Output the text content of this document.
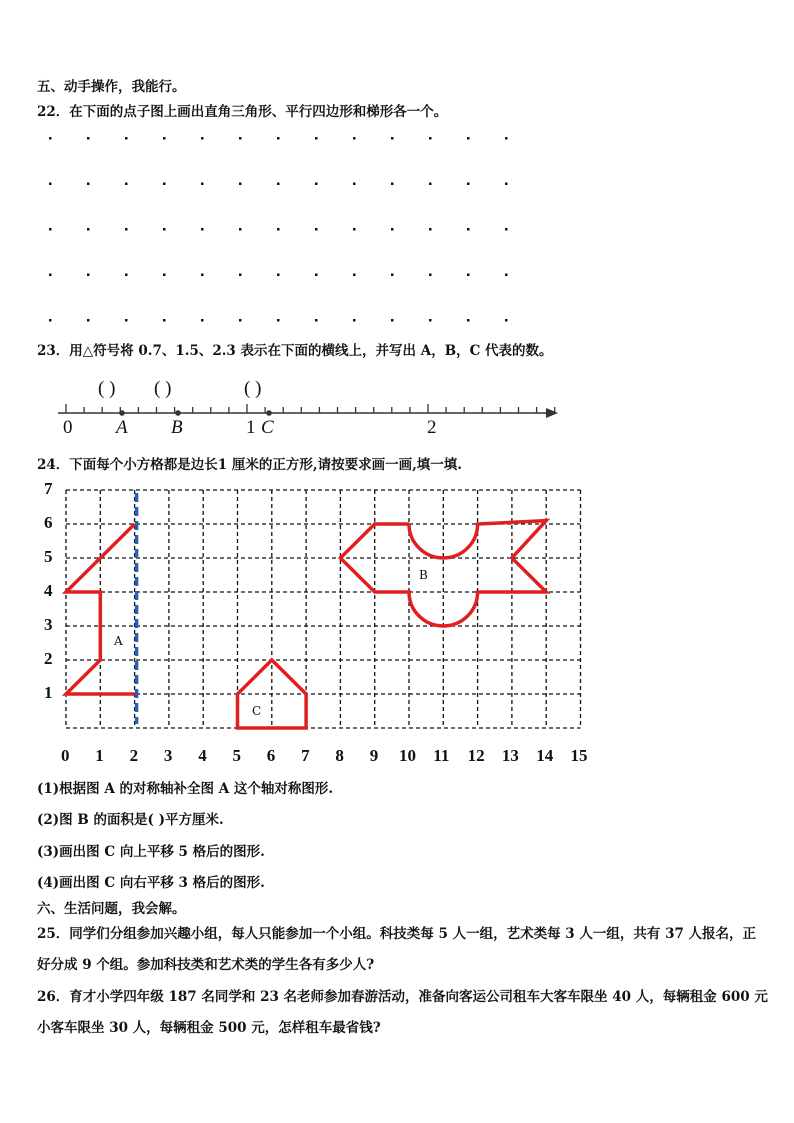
五、动手操作，我能行。
22．在下面的点子图上画出直角三角形、平行四边形和梯形各一个。
23．用△符号将 0.7、1.5、2.3 表示在下面的横线上，并写出 A，B，C 代表的数。
( ) ( )	( )
0 A B	1 C	2
24．下面每个小方格都是边长1 厘米的正方形,请按要求画一画,填一填.
7
6
5
4
3
2
1
0 1 2 3 4 5 6 7 8 9 10 11 12 13 14 15
A
B
C
(1)根据图 A 的对称轴补全图 A 这个轴对称图形.
(2)图 B 的面积是( )平方厘米.
(3)画出图 C 向上平移 5 格后的图形.
(4)画出图 C 向右平移 3 格后的图形.
六、生活问题，我会解。
25．同学们分组参加兴趣小组，每人只能参加一个小组。科技类每 5 人一组，艺术类每 3 人一组，共有 37 人报名，正
好分成 9 个组。参加科技类和艺术类的学生各有多少人?
26．育才小学四年级 187 名同学和 23 名老师参加春游活动，准备向客运公司租车大客车限坐 40 人，每辆租金 600 元
小客车限坐 30 人，每辆租金 500 元，怎样租车最省钱?
